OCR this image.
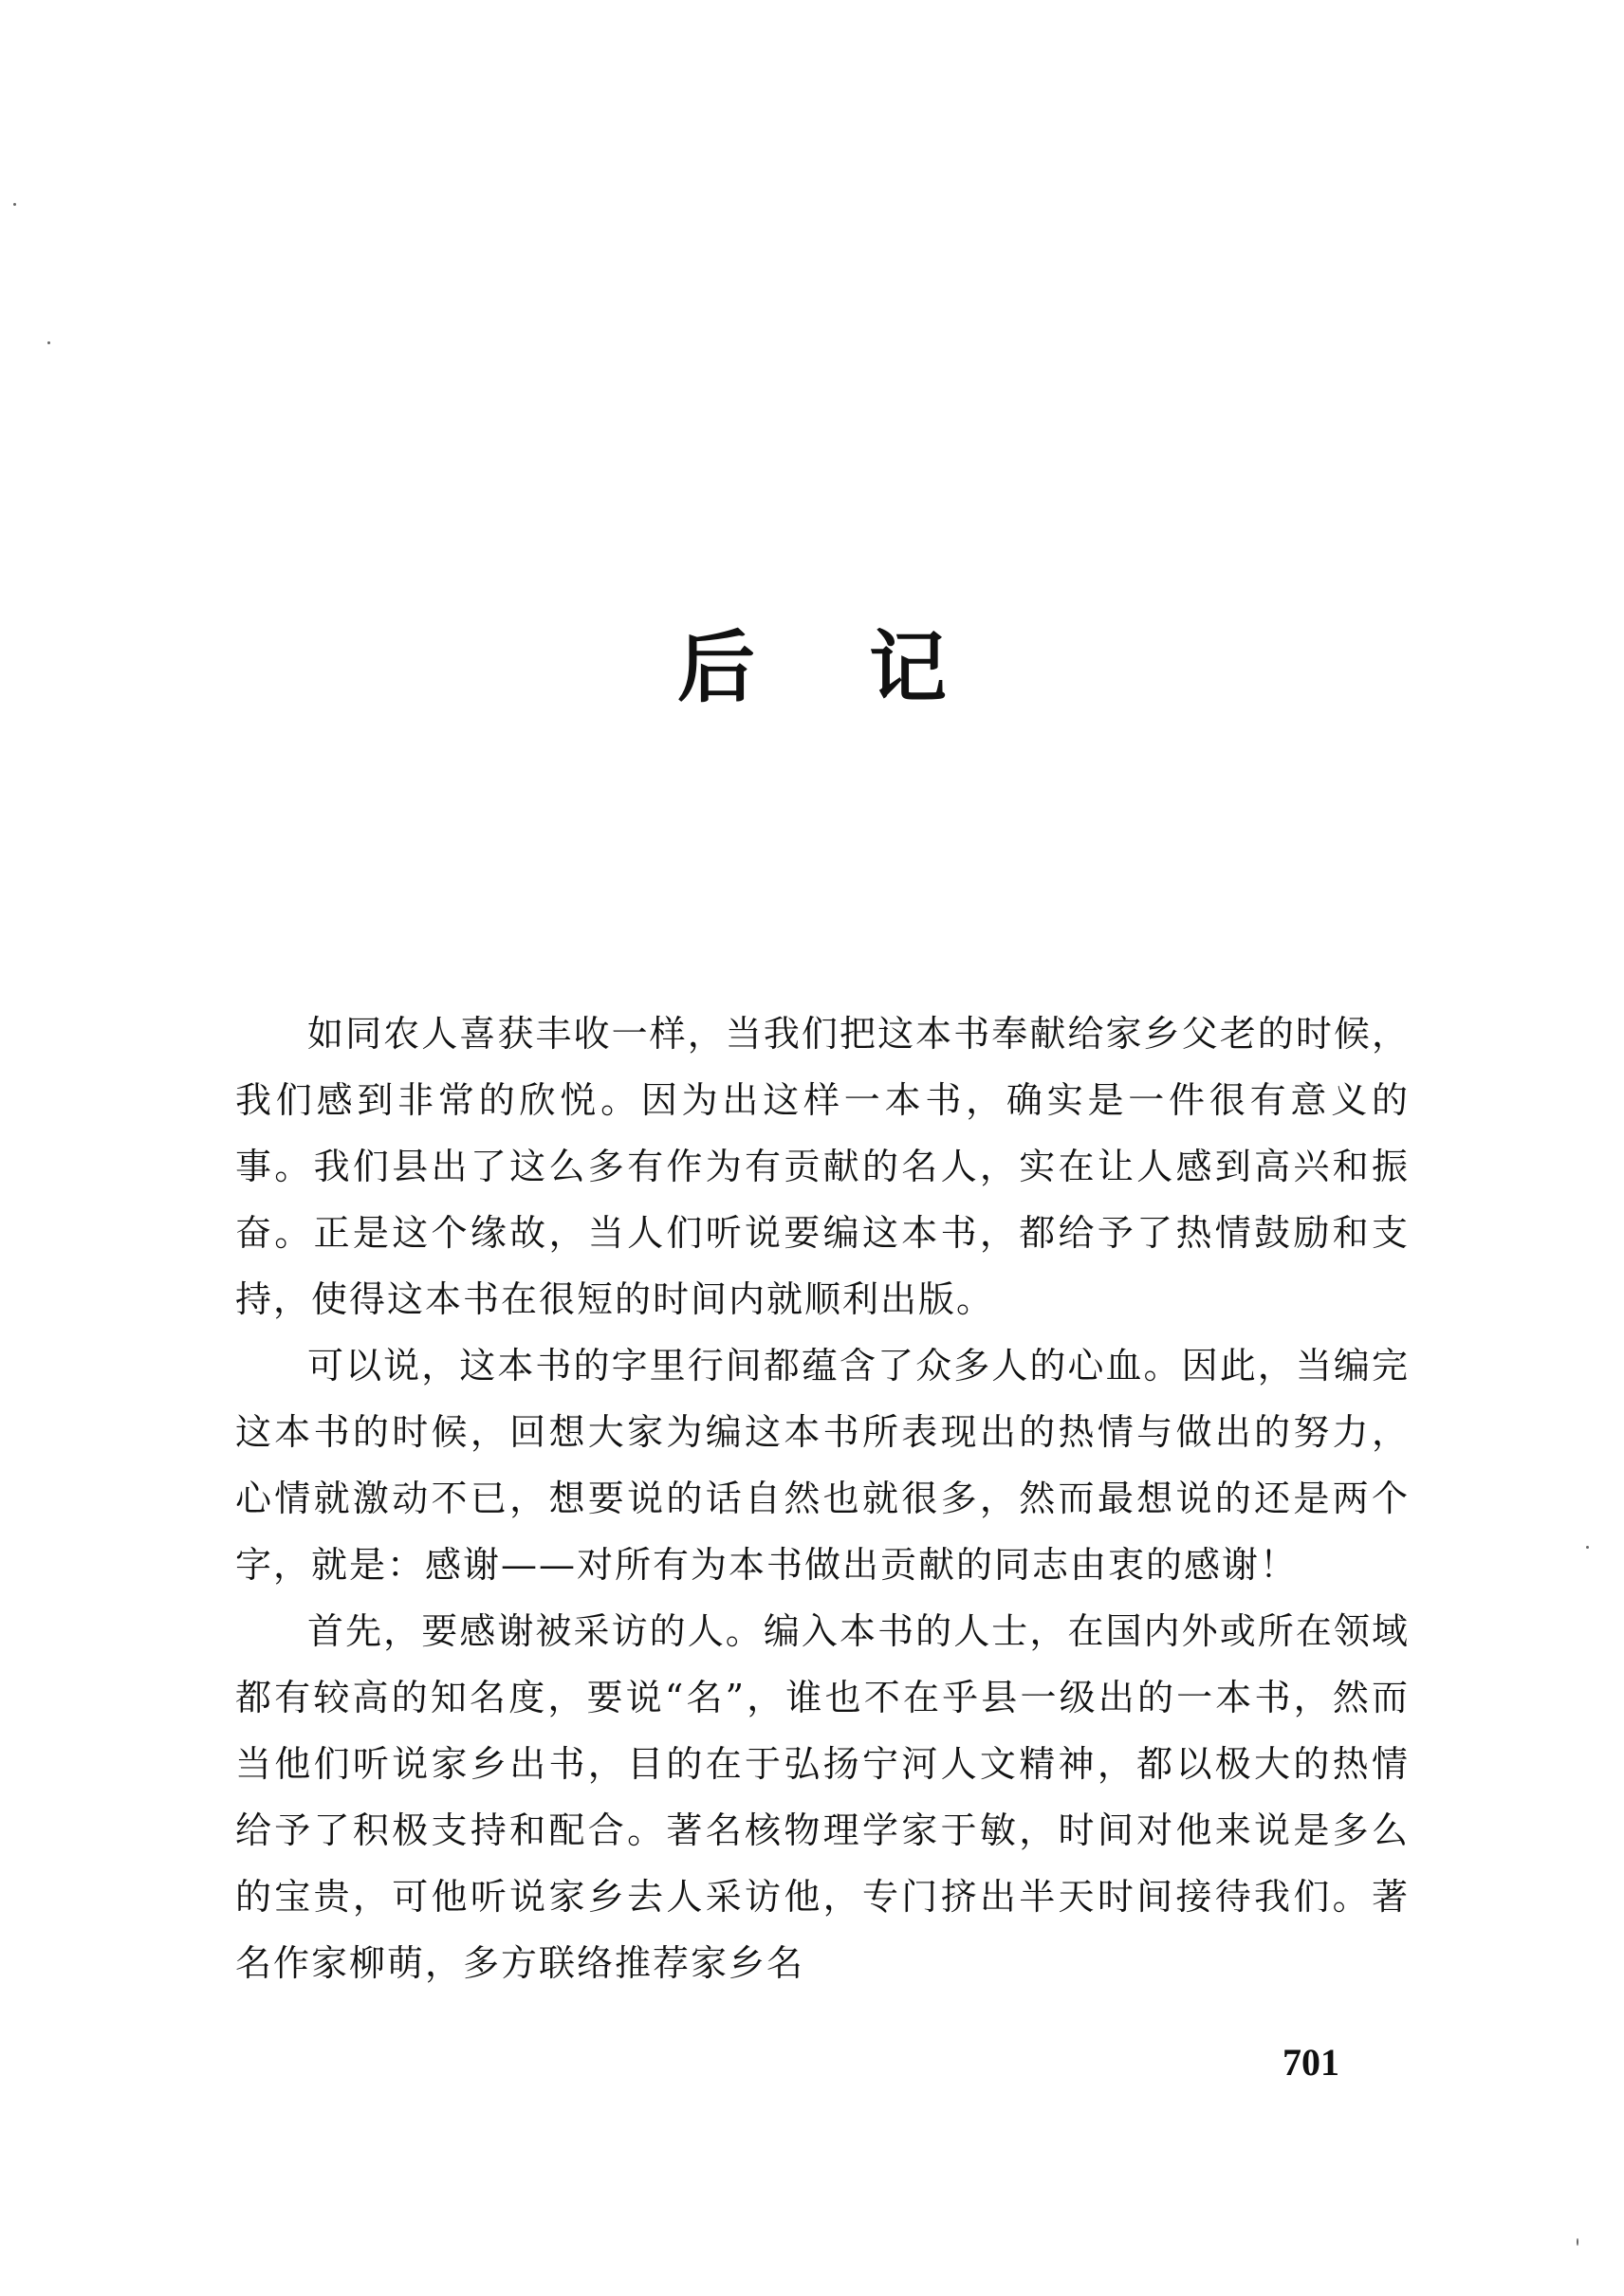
后 记

如同农人喜获丰收一样，当我们把这本书奉献给家乡父老的时候，我们感到非常的欣悦。因为出这样一本书，确实是一件很有意义的事。我们县出了这么多有作为有贡献的名人，实在让人感到高兴和振奋。正是这个缘故，当人们听说要编这本书，都给予了热情鼓励和支持，使得这本书在很短的时间内就顺利出版。

可以说，这本书的字里行间都蕴含了众多人的心血。因此，当编完这本书的时候，回想大家为编这本书所表现出的热情与做出的努力，心情就激动不已，想要说的话自然也就很多，然而最想说的还是两个字，就是：感谢——对所有为本书做出贡献的同志由衷的感谢！

首先，要感谢被采访的人。编入本书的人士，在国内外或所在领域都有较高的知名度，要说“名”，谁也不在乎县一级出的一本书，然而当他们听说家乡出书，目的在于弘扬宁河人文精神，都以极大的热情给予了积极支持和配合。著名核物理学家于敏，时间对他来说是多么的宝贵，可他听说家乡去人采访他，专门挤出半天时间接待我们。著名作家柳萌，多方联络推荐家乡名

701
